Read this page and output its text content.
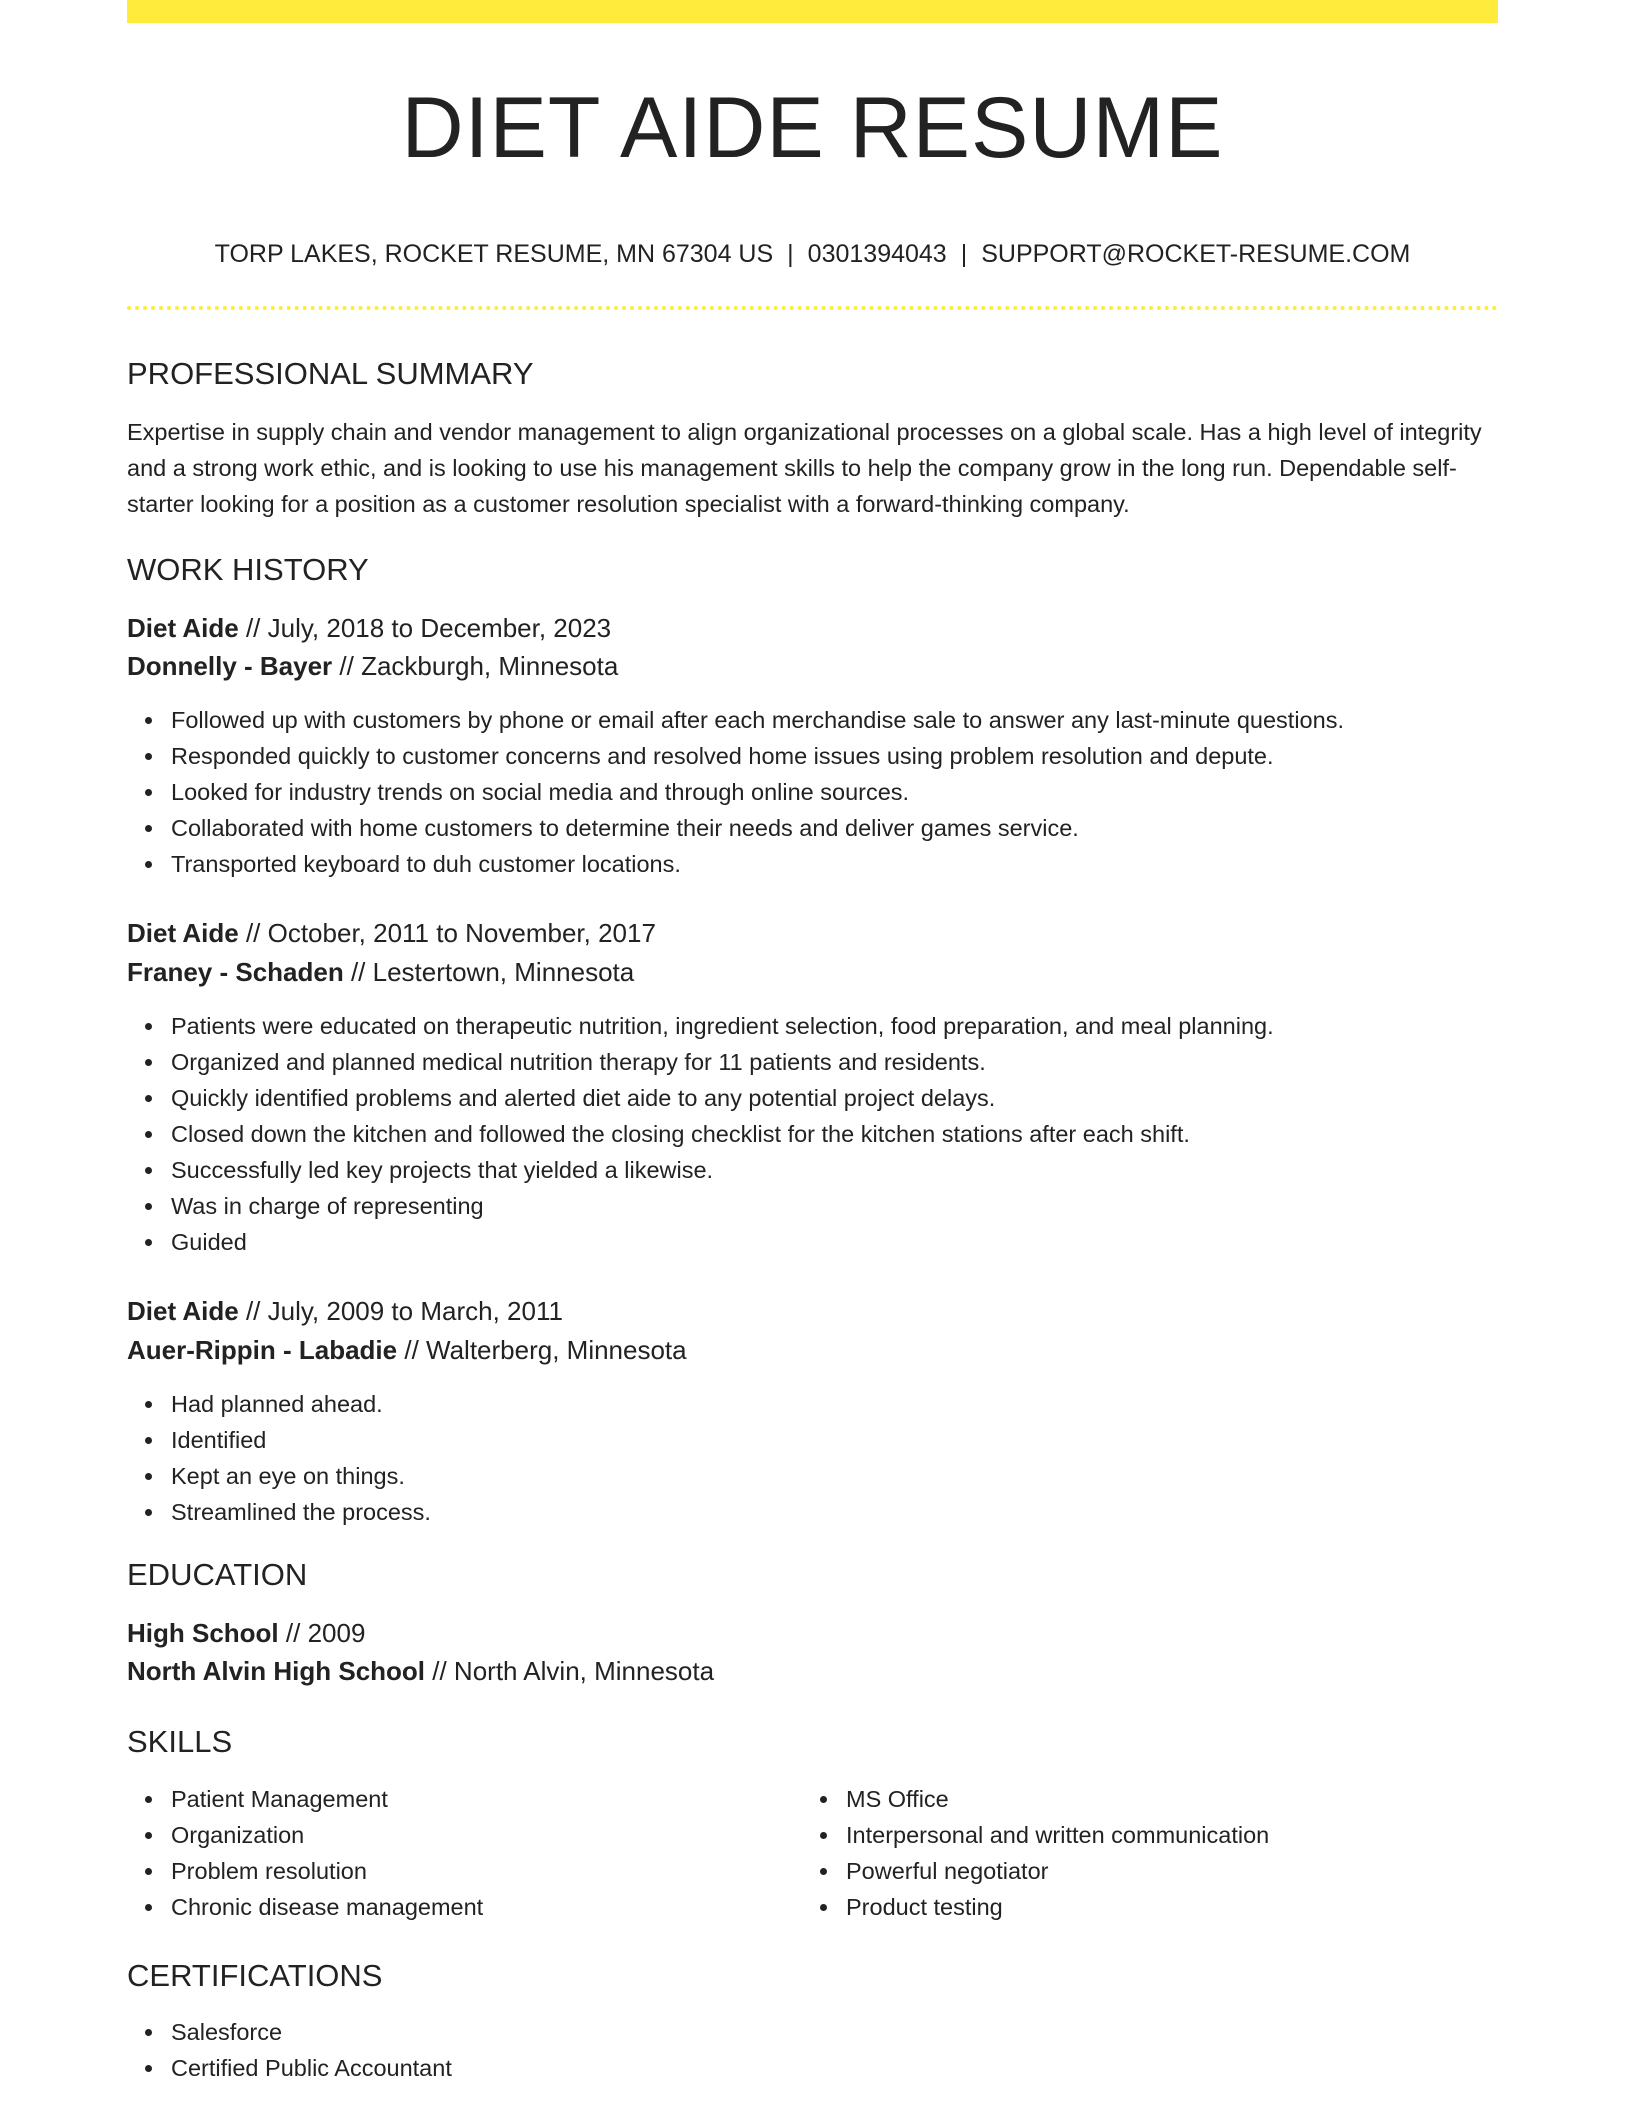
DIET AIDE RESUME
TORP LAKES, ROCKET RESUME, MN 67304 US | 0301394043 | SUPPORT@ROCKET-RESUME.COM
PROFESSIONAL SUMMARY

Expertise in supply chain and vendor management to align organizational processes on a global scale. Has a high level of integrity and a strong work ethic, and is looking to use his management skills to help the company grow in the long run. Dependable self-starter looking for a position as a customer resolution specialist with a forward-thinking company.

WORK HISTORY
Diet Aide // July, 2018 to December, 2023
Donnelly - Bayer // Zackburgh, Minnesota
Followed up with customers by phone or email after each merchandise sale to answer any last-minute questions.
Responded quickly to customer concerns and resolved home issues using problem resolution and depute.
Looked for industry trends on social media and through online sources.
Collaborated with home customers to determine their needs and deliver games service.
Transported keyboard to duh customer locations.
Diet Aide // October, 2011 to November, 2017
Franey - Schaden // Lestertown, Minnesota
Patients were educated on therapeutic nutrition, ingredient selection, food preparation, and meal planning.
Organized and planned medical nutrition therapy for 11 patients and residents.
Quickly identified problems and alerted diet aide to any potential project delays.
Closed down the kitchen and followed the closing checklist for the kitchen stations after each shift.
Successfully led key projects that yielded a likewise.
Was in charge of representing
Guided
Diet Aide // July, 2009 to March, 2011
Auer-Rippin - Labadie // Walterberg, Minnesota
Had planned ahead.
Identified
Kept an eye on things.
Streamlined the process.
EDUCATION
High School // 2009
North Alvin High School // North Alvin, Minnesota
SKILLS
Patient Management
Organization
Problem resolution
Chronic disease management
MS Office
Interpersonal and written communication
Powerful negotiator
Product testing
CERTIFICATIONS
Salesforce
Certified Public Accountant
